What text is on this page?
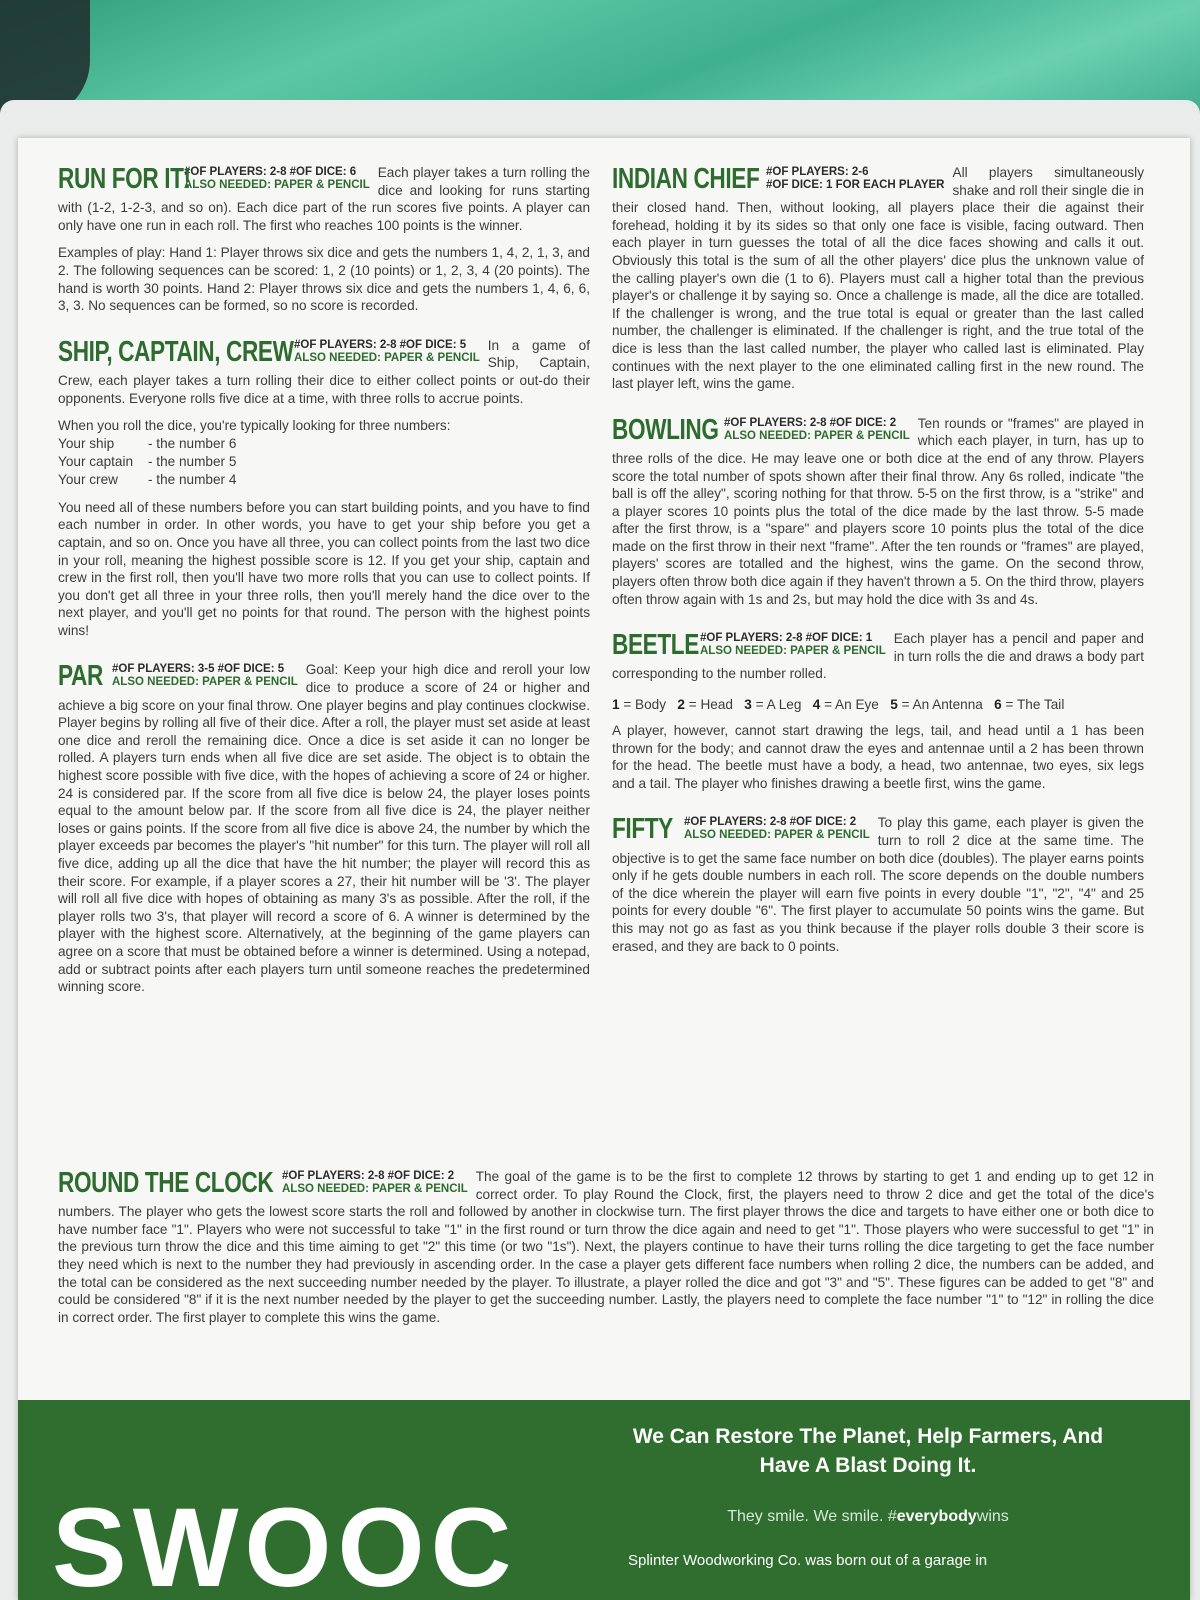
RUN FOR IT!
#OF PLAYERS: 2-8 #OF DICE: 6
ALSO NEEDED: PAPER & PENCIL

Each player takes a turn rolling the dice and looking for runs starting with (1-2, 1-2-3, and so on). Each dice part of the run scores five points. A player can only have one run in each roll. The first who reaches 100 points is the winner.

Examples of play: Hand 1: Player throws six dice and gets the numbers 1, 4, 2, 1, 3, and 2. The following sequences can be scored: 1, 2 (10 points) or 1, 2, 3, 4 (20 points). The hand is worth 30 points. Hand 2: Player throws six dice and gets the numbers 1, 4, 6, 6, 3, 3. No sequences can be formed, so no score is recorded.

SHIP, CAPTAIN, CREW #OF PLAYERS: 2-8 #OF DICE: 5
ALSO NEEDED: PAPER & PENCIL

In a game of Ship, Captain, Crew, each player takes a turn rolling their dice to either collect points or out-do their opponents. Everyone rolls five dice at a time, with three rolls to accrue points.

When you roll the dice, you're typically looking for three numbers:

Your ship - the number 6
Your captain - the number 5
Your crew - the number 4

You need all of these numbers before you can start building points, and you have to find each number in order. In other words, you have to get your ship before you get a captain, and so on. Once you have all three, you can collect points from the last two dice in your roll, meaning the highest possible score is 12. If you get your ship, captain and crew in the first roll, then you'll have two more rolls that you can use to collect points. If you don't get all three in your three rolls, then you'll merely hand the dice over to the next player, and you'll get no points for that round. The person with the highest points wins!

PAR #OF PLAYERS: 3-5 #OF DICE: 5
ALSO NEEDED: PAPER & PENCIL

Goal: Keep your high dice and reroll your low dice to produce a score of 24 or higher and achieve a big score on your final throw. One player begins and play continues clockwise. Player begins by rolling all five of their dice. After a roll, the player must set aside at least one dice and reroll the remaining dice. Once a dice is set aside it can no longer be rolled. A players turn ends when all five dice are set aside. The object is to obtain the highest score possible with five dice, with the hopes of achieving a score of 24 or higher. 24 is considered par. If the score from all five dice is below 24, the player loses points equal to the amount below par. If the score from all five dice is 24, the player neither loses or gains points. If the score from all five dice is above 24, the number by which the player exceeds par becomes the player's "hit number" for this turn. The player will roll all five dice, adding up all the dice that have the hit number; the player will record this as their score. For example, if a player scores a 27, their hit number will be '3'. The player will roll all five dice with hopes of obtaining as many 3's as possible. After the roll, if the player rolls two 3's, that player will record a score of 6. A winner is determined by the player with the highest score. Alternatively, at the beginning of the game players can agree on a score that must be obtained before a winner is determined. Using a notepad, add or subtract points after each players turn until someone reaches the predetermined winning score.

INDIAN CHIEF #OF PLAYERS: 2-6
#OF DICE: 1 FOR EACH PLAYER

All players simultaneously shake and roll their single die in their closed hand. Then, without looking, all players place their die against their forehead, holding it by its sides so that only one face is visible, facing outward. Then each player in turn guesses the total of all the dice faces showing and calls it out. Obviously this total is the sum of all the other players' dice plus the unknown value of the calling player's own die (1 to 6). Players must call a higher total than the previous player's or challenge it by saying so. Once a challenge is made, all the dice are totalled. If the challenger is wrong, and the true total is equal or greater than the last called number, the challenger is eliminated. If the challenger is right, and the true total of the dice is less than the last called number, the player who called last is eliminated. Play continues with the next player to the one eliminated calling first in the new round. The last player left, wins the game.

BOWLING #OF PLAYERS: 2-8 #OF DICE: 2
ALSO NEEDED: PAPER & PENCIL

Ten rounds or "frames" are played in which each player, in turn, has up to three rolls of the dice. He may leave one or both dice at the end of any throw. Players score the total number of spots shown after their final throw. Any 6s rolled, indicate "the ball is off the alley", scoring nothing for that throw. 5-5 on the first throw, is a "strike" and a player scores 10 points plus the total of the dice made by the last throw. 5-5 made after the first throw, is a "spare" and players score 10 points plus the total of the dice made on the first throw in their next "frame". After the ten rounds or "frames" are played, players' scores are totalled and the highest, wins the game. On the second throw, players often throw both dice again if they haven't thrown a 5. On the third throw, players often throw again with 1s and 2s, but may hold the dice with 3s and 4s.

BEETLE #OF PLAYERS: 2-8 #OF DICE: 1
ALSO NEEDED: PAPER & PENCIL

Each player has a pencil and paper and in turn rolls the die and draws a body part corresponding to the number rolled.

1 = Body 2 = Head 3 = A Leg 4 = An Eye 5 = An Antenna 6 = The Tail

A player, however, cannot start drawing the legs, tail, and head until a 1 has been thrown for the body; and cannot draw the eyes and antennae until a 2 has been thrown for the head. The beetle must have a body, a head, two antennae, two eyes, six legs and a tail. The player who finishes drawing a beetle first, wins the game.

FIFTY #OF PLAYERS: 2-8 #OF DICE: 2
ALSO NEEDED: PAPER & PENCIL

To play this game, each player is given the turn to roll 2 dice at the same time. The objective is to get the same face number on both dice (doubles). The player earns points only if he gets double numbers in each roll. The score depends on the double numbers of the dice wherein the player will earn five points in every double "1", "2", "4" and 25 points for every double "6". The first player to accumulate 50 points wins the game. But this may not go as fast as you think because if the player rolls double 3 their score is erased, and they are back to 0 points.

ROUND THE CLOCK #OF PLAYERS: 2-8 #OF DICE: 2
ALSO NEEDED: PAPER & PENCIL

The goal of the game is to be the first to complete 12 throws by starting to get 1 and ending up to get 12 in correct order. To play Round the Clock, first, the players need to throw 2 dice and get the total of the dice's numbers. The player who gets the lowest score starts the roll and followed by another in clockwise turn. The first player throws the dice and targets to have either one or both dice to have number face "1". Players who were not successful to take "1" in the first round or turn throw the dice again and need to get "1". Those players who were successful to get "1" in the previous turn throw the dice and this time aiming to get "2" this time (or two "1s"). Next, the players continue to have their turns rolling the dice targeting to get the face number they need which is next to the number they had previously in ascending order. In the case a player gets different face numbers when rolling 2 dice, the numbers can be added, and the total can be considered as the next succeeding number needed by the player. To illustrate, a player rolled the dice and got "3" and "5". These figures can be added to get "8" and could be considered "8" if it is the next number needed by the player to get the succeeding number. Lastly, the players need to complete the face number "1" to "12" in rolling the dice in correct order. The first player to complete this wins the game.

SWOOC
We Can Restore The Planet, Help Farmers, And Have A Blast Doing It.
They smile. We smile. #everybodywins
Splinter Woodworking Co. was born out of a garage in
